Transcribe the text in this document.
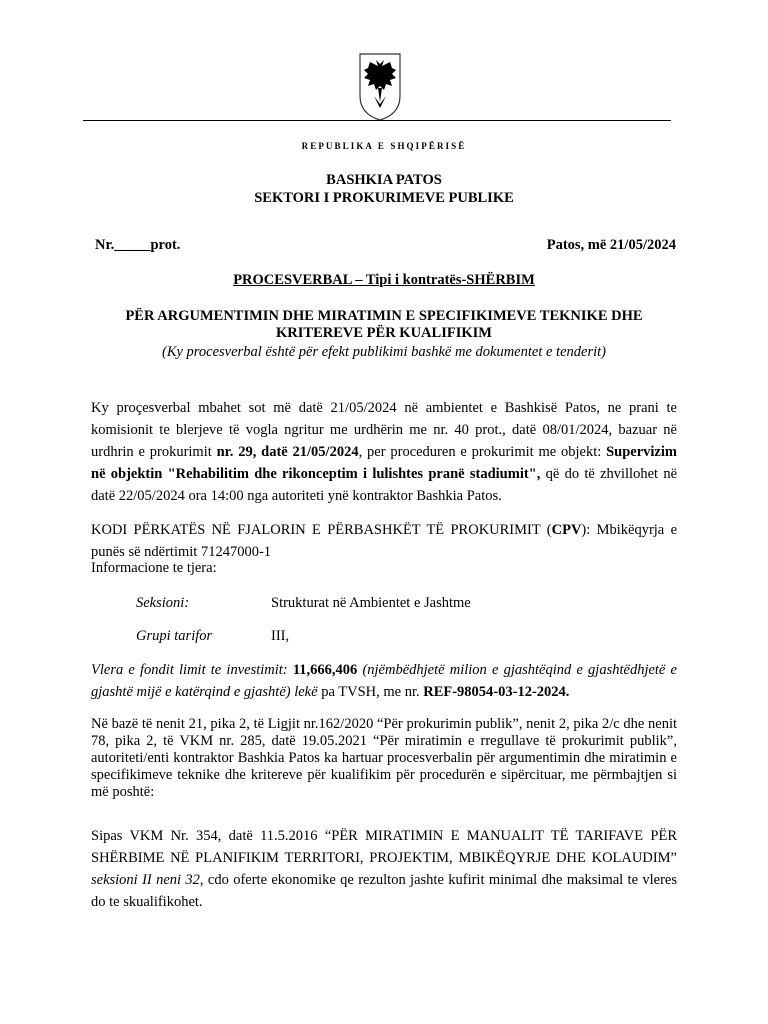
REPUBLIKA E SHQIPËRISË
BASHKIA PATOS
SEKTORI I PROKURIMEVE PUBLIKE
Nr._____prot.	Patos, më 21/05/2024
PROCESVERBAL – Tipi i kontratës-SHËRBIM
PËR ARGUMENTIMIN DHE MIRATIMIN E SPECIFIKIMEVE TEKNIKE DHE
KRITEREVE PËR KUALIFIKIM
(Ky procesverbal është për efekt publikimi bashkë me dokumentet e tenderit)
Ky proçesverbal mbahet sot më datë 21/05/2024 në ambientet e Bashkisë Patos, ne prani te komisionit te blerjeve të vogla ngritur me urdhërin me nr. 40 prot., datë 08/01/2024, bazuar në urdhrin e prokurimit nr. 29, datë 21/05/2024, per proceduren e prokurimit me objekt: Supervizim në objektin "Rehabilitim dhe rikonceptim i lulishtes pranë stadiumit", që do të zhvillohet në datë 22/05/2024 ora 14:00 nga autoriteti ynë kontraktor Bashkia Patos.
KODI PËRKATËS NË FJALORIN E PËRBASHKËT TË PROKURIMIT (CPV): Mbikëqyrja e punës së ndërtimit 71247000-1
Informacione te tjera:
Seksioni:	Strukturat në Ambientet e Jashtme
Grupi tarifor	III,
Vlera e fondit limit te investimit: 11,666,406 (njëmbëdhjetë milion e gjashtëqind e gjashtëdhjetë e gjashtë mijë e katërqind e gjashtë) lekë pa TVSH, me nr. REF-98054-03-12-2024.
Në bazë të nenit 21, pika 2, të Ligjit nr.162/2020 “Për prokurimin publik”, nenit 2, pika 2/c dhe nenit 78, pika 2, të VKM nr. 285, datë 19.05.2021 “Për miratimin e rregullave të prokurimit publik”, autoriteti/enti kontraktor Bashkia Patos ka hartuar procesverbalin për argumentimin dhe miratimin e specifikimeve teknike dhe kritereve për kualifikim për procedurën e sipërcituar, me përmbajtjen si më poshtë:
Sipas VKM Nr. 354, datë 11.5.2016 “PËR MIRATIMIN E MANUALIT TË TARIFAVE PËR SHËRBIME NË PLANIFIKIM TERRITORI, PROJEKTIM, MBIKËQYRJE DHE KOLAUDIM” seksioni II neni 32, cdo oferte ekonomike qe rezulton jashte kufirit minimal dhe maksimal te vleres do te skualifikohet.
